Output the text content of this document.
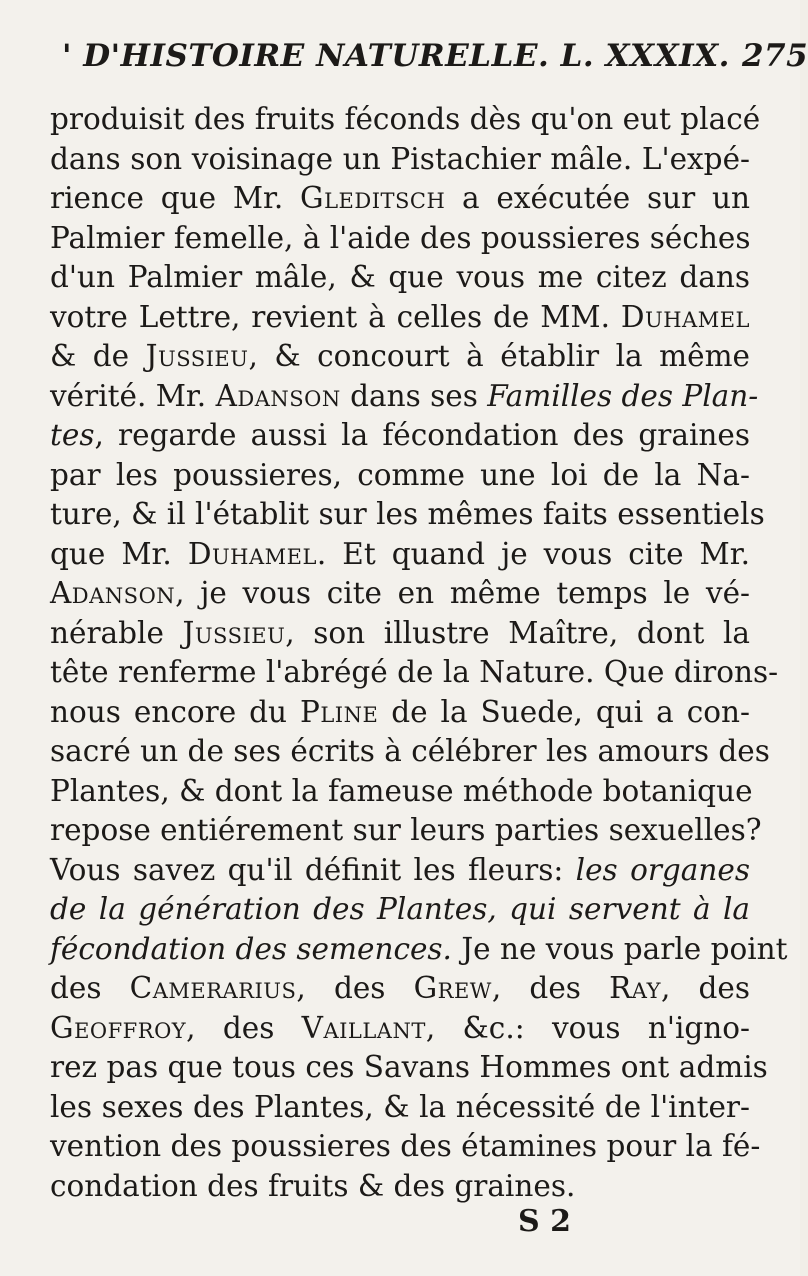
' D'HISTOIRE NATURELLE. L. XXXIX. 275
produisit des fruits féconds dès qu'on eut placé
dans son voisinage un Pistachier mâle. L'expé-
rience que Mr. Gleditsch a exécutée sur un
Palmier femelle, à l'aide des poussieres séches
d'un Palmier mâle, & que vous me citez dans
votre Lettre, revient à celles de MM. Duhamel
& de Jussieu, & concourt à établir la même
vérité. Mr. Adanson dans ses Familles des Plan-
tes, regarde aussi la fécondation des graines
par les poussieres, comme une loi de la Na-
ture, & il l'établit sur les mêmes faits essentiels
que Mr. Duhamel. Et quand je vous cite Mr.
Adanson, je vous cite en même temps le vé-
nérable Jussieu, son illustre Maître, dont la
tête renferme l'abrégé de la Nature. Que dirons-
nous encore du Pline de la Suede, qui a con-
sacré un de ses écrits à célébrer les amours des
Plantes, & dont la fameuse méthode botanique
repose entiérement sur leurs parties sexuelles?
Vous savez qu'il définit les fleurs: les organes
de la génération des Plantes, qui servent à la
fécondation des semences. Je ne vous parle point
des Camerarius, des Grew, des Ray, des
Geoffroy, des Vaillant, &c.: vous n'igno-
rez pas que tous ces Savans Hommes ont admis
les sexes des Plantes, & la nécessité de l'inter-
vention des poussieres des étamines pour la fé-
condation des fruits & des graines.
S 2
